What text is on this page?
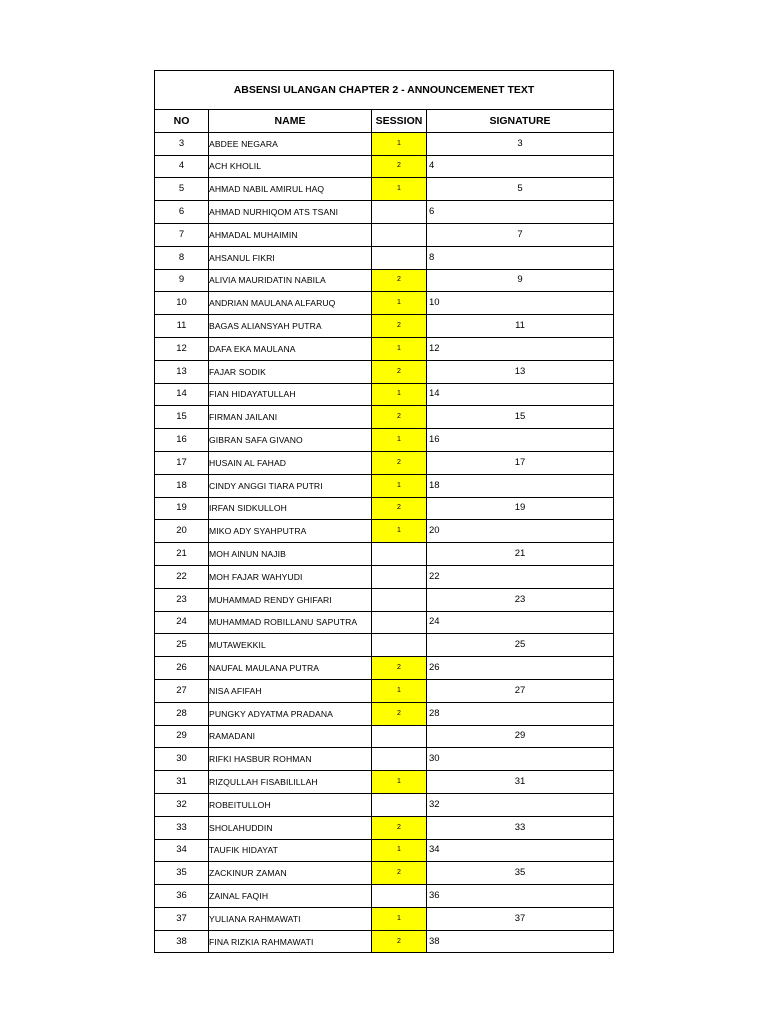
ABSENSI ULANGAN CHAPTER 2 - ANNOUNCEMENET TEXT			
NO	NAME	SESSION	SIGNATURE
3	ABDEE NEGARA	1	3
4	ACH KHOLIL	2	4
5	AHMAD NABIL AMIRUL HAQ	1	5
6	AHMAD NURHIQOM ATS TSANI		6
7	AHMADAL MUHAIMIN		7
8	AHSANUL FIKRI		8
9	ALIVIA MAURIDATIN NABILA	2	9
10	ANDRIAN MAULANA ALFARUQ	1	10
11	BAGAS ALIANSYAH PUTRA	2	11
12	DAFA EKA MAULANA	1	12
13	FAJAR SODIK	2	13
14	FIAN HIDAYATULLAH	1	14
15	FIRMAN JAILANI	2	15
16	GIBRAN SAFA GIVANO	1	16
17	HUSAIN AL FAHAD	2	17
18	CINDY ANGGI TIARA PUTRI	1	18
19	IRFAN SIDKULLOH	2	19
20	MIKO ADY SYAHPUTRA	1	20
21	MOH AINUN NAJIB		21
22	MOH FAJAR WAHYUDI		22
23	MUHAMMAD RENDY GHIFARI		23
24	MUHAMMAD ROBILLANU SAPUTRA		24
25	MUTAWEKKIL		25
26	NAUFAL MAULANA PUTRA	2	26
27	NISA AFIFAH	1	27
28	PUNGKY ADYATMA PRADANA	2	28
29	RAMADANI		29
30	RIFKI HASBUR ROHMAN		30
31	RIZQULLAH FISABILILLAH	1	31
32	ROBEITULLOH		32
33	SHOLAHUDDIN	2	33
34	TAUFIK HIDAYAT	1	34
35	ZACKINUR ZAMAN	2	35
36	ZAINAL FAQIH		36
37	YULIANA RAHMAWATI	1	37
38	FINA RIZKIA RAHMAWATI	2	38
